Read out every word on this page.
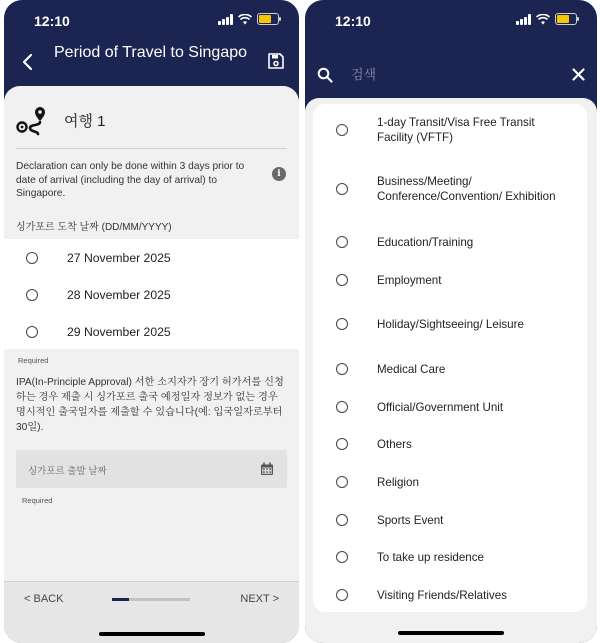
12:10
Period of Travel to Singapo
여행 1
Declaration can only be done within 3 days prior to date of arrival (including the day of arrival) to Singapore.
i
싱가포르 도착 날짜 (DD/MM/YYYY)
27 November 2025
28 November 2025
29 November 2025
Required
IPA(In-Principle Approval) 서한 소지자가 장기 허가서를 신청하는 경우 제출 시 싱가포르 출국 예정일자 정보가 없는 경우 명시적인 출국일자를 제출할 수 있습니다(예: 입국일자로부터 30일).
싱가포르 출발 날짜
Required
< BACK	NEXT >
12:10
검색
1-day Transit/Visa Free Transit Facility (VFTF)
Business/Meeting/ Conference/Convention/ Exhibition
Education/Training
Employment
Holiday/Sightseeing/ Leisure
Medical Care
Official/Government Unit
Others
Religion
Sports Event
To take up residence
Visiting Friends/Relatives
